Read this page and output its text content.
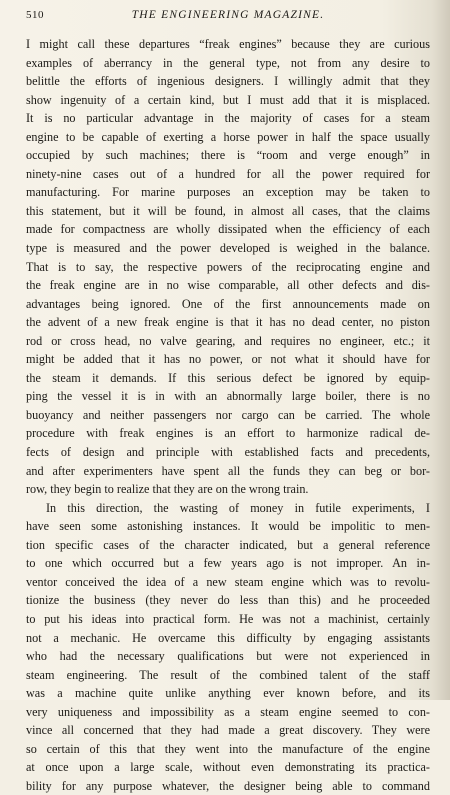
510	THE ENGINEERING MAGAZINE.
I might call these departures “freak engines” because they are curious
examples of aberrancy in the general type, not from any desire to
belittle the efforts of ingenious designers. I willingly admit that they
show ingenuity of a certain kind, but I must add that it is misplaced.
It is no particular advantage in the majority of cases for a steam
engine to be capable of exerting a horse power in half the space usually
occupied by such machines; there is “room and verge enough” in
ninety-nine cases out of a hundred for all the power required for
manufacturing. For marine purposes an exception may be taken to
this statement, but it will be found, in almost all cases, that the claims
made for compactness are wholly dissipated when the efficiency of each
type is measured and the power developed is weighed in the balance.
That is to say, the respective powers of the reciprocating engine and
the freak engine are in no wise comparable, all other defects and dis-
advantages being ignored. One of the first announcements made on
the advent of a new freak engine is that it has no dead center, no piston
rod or cross head, no valve gearing, and requires no engineer, etc.; it
might be added that it has no power, or not what it should have for
the steam it demands. If this serious defect be ignored by equip-
ping the vessel it is in with an abnormally large boiler, there is no
buoyancy and neither passengers nor cargo can be carried. The whole
procedure with freak engines is an effort to harmonize radical de-
fects of design and principle with established facts and precedents,
and after experimenters have spent all the funds they can beg or bor-
row, they begin to realize that they are on the wrong train.
In this direction, the wasting of money in futile experiments, I
have seen some astonishing instances. It would be impolitic to men-
tion specific cases of the character indicated, but a general reference
to one which occurred but a few years ago is not improper. An in-
ventor conceived the idea of a new steam engine which was to revolu-
tionize the business (they never do less than this) and he proceeded
to put his ideas into practical form. He was not a machinist, certainly
not a mechanic. He overcame this difficulty by engaging assistants
who had the necessary qualifications but were not experienced in
steam engineering. The result of the combined talent of the staff
was a machine quite unlike anything ever known before, and its
very uniqueness and impossibility as a steam engine seemed to con-
vince all concerned that they had made a great discovery. They were
so certain of this that they went into the manufacture of the engine
at once upon a large scale, without even demonstrating its practica-
bility for any purpose whatever, the designer being able to command
